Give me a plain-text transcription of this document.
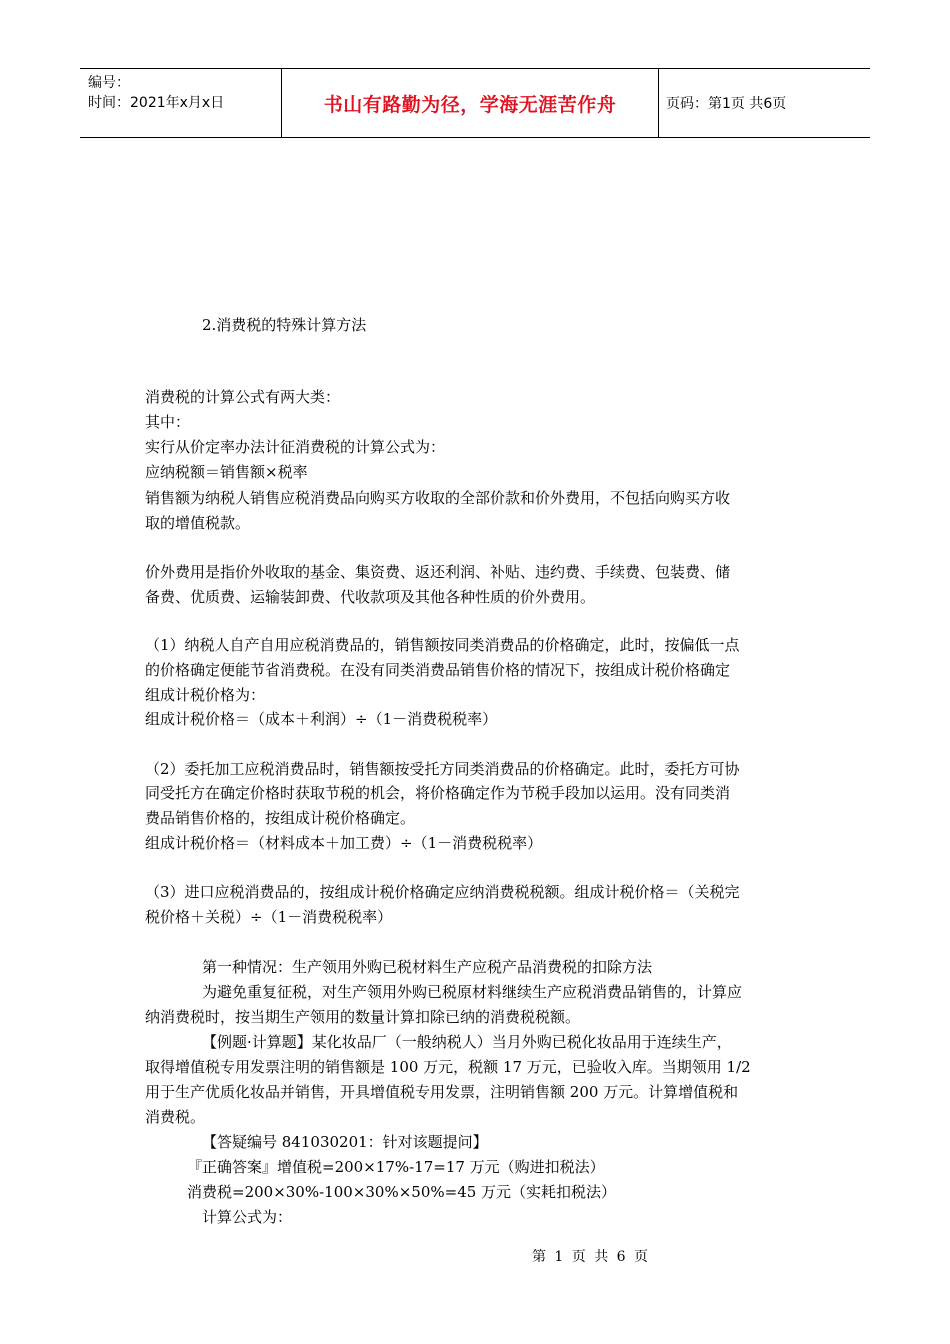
编号：
时间：2021年x月x日	书山有路勤为径，学海无涯苦作舟	页码：第1页 共6页

2.消费税的特殊计算方法

消费税的计算公式有两大类：

其中：

实行从价定率办法计征消费税的计算公式为：

应纳税额＝销售额×税率

销售额为纳税人销售应税消费品向购买方收取的全部价款和价外费用，不包括向购买方收

取的增值税款。

价外费用是指价外收取的基金、集资费、返还利润、补贴、违约费、手续费、包装费、储

备费、优质费、运输装卸费、代收款项及其他各种性质的价外费用。

（1）纳税人自产自用应税消费品的，销售额按同类消费品的价格确定，此时，按偏低一点

的价格确定便能节省消费税。在没有同类消费品销售价格的情况下，按组成计税价格确定

组成计税价格为：

组成计税价格＝（成本＋利润）÷（1－消费税税率）

（2）委托加工应税消费品时，销售额按受托方同类消费品的价格确定。此时，委托方可协

同受托方在确定价格时获取节税的机会，将价格确定作为节税手段加以运用。没有同类消

费品销售价格的，按组成计税价格确定。

组成计税价格＝（材料成本＋加工费）÷（1－消费税税率）

（3）进口应税消费品的，按组成计税价格确定应纳消费税税额。组成计税价格＝（关税完

税价格＋关税）÷（1－消费税税率）

第一种情况：生产领用外购已税材料生产应税产品消费税的扣除方法

为避免重复征税，对生产领用外购已税原材料继续生产应税消费品销售的，计算应

纳消费税时，按当期生产领用的数量计算扣除已纳的消费税税额。

【例题·计算题】某化妆品厂（一般纳税人）当月外购已税化妆品用于连续生产，

取得增值税专用发票注明的销售额是 100 万元，税额 17 万元，已验收入库。当期领用 1/2

用于生产优质化妆品并销售，开具增值税专用发票，注明销售额 200 万元。计算增值税和

消费税。

【答疑编号 841030201：针对该题提问】

『正确答案』增值税=200×17%-17=17 万元（购进扣税法）

消费税=200×30%-100×30%×50%=45 万元（实耗扣税法）

计算公式为：

第 1 页 共 6 页
